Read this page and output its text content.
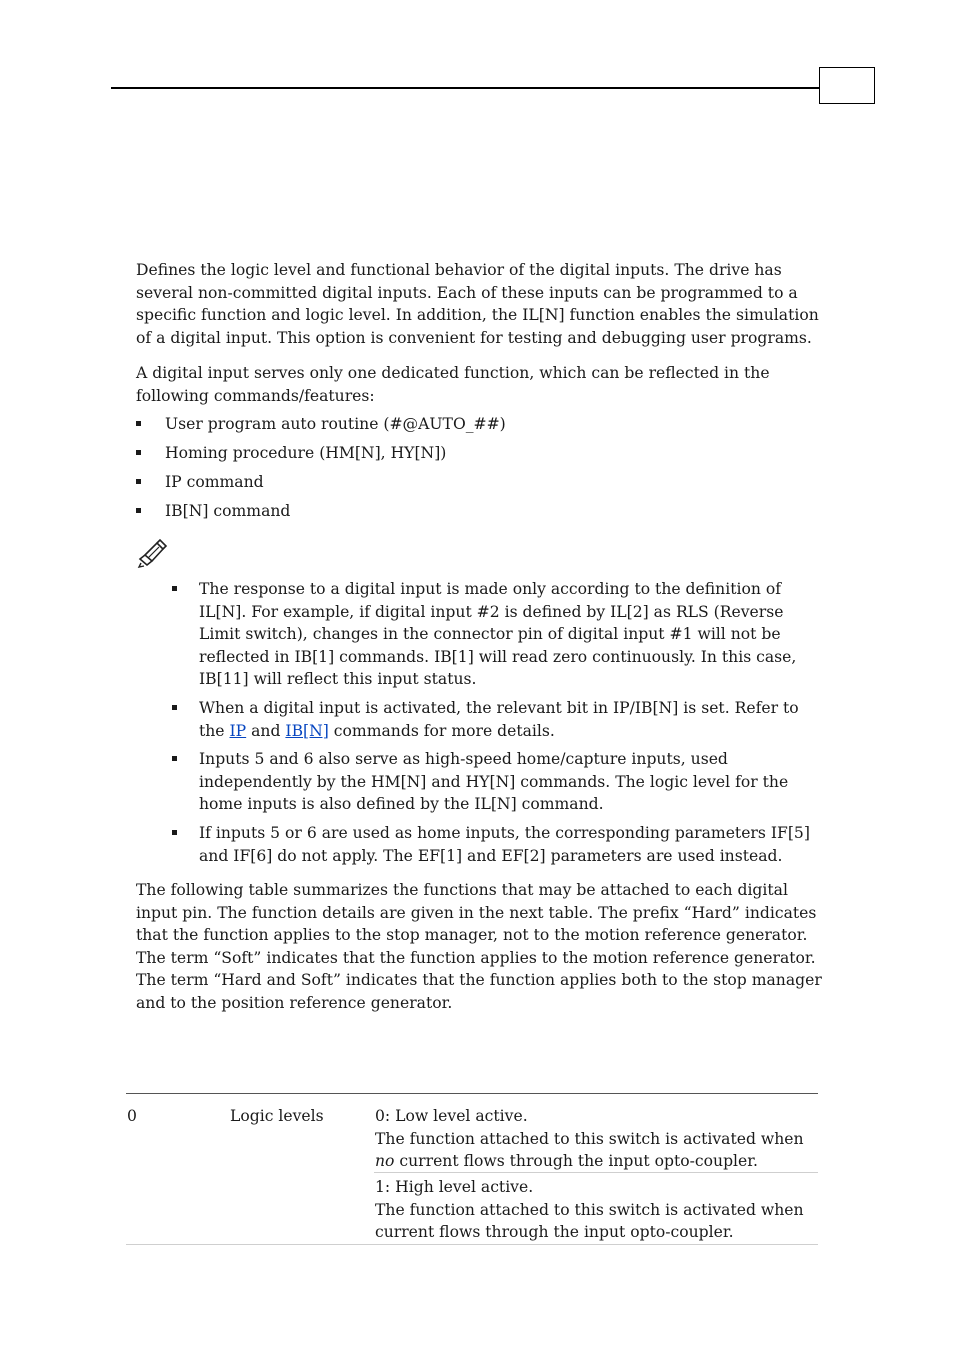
Defines the logic level and functional behavior of the digital inputs. The drive has several non-committed digital inputs. Each of these inputs can be programmed to a specific function and logic level. In addition, the IL[N] function enables the simulation of a digital input. This option is convenient for testing and debugging user programs.

A digital input serves only one dedicated function, which can be reflected in the following commands/features:

User program auto routine (#@AUTO_##)
Homing procedure (HM[N], HY[N])
IP command
IB[N] command
The response to a digital input is made only according to the definition of IL[N]. For example, if digital input #2 is defined by IL[2] as RLS (Reverse Limit switch), changes in the connector pin of digital input #1 will not be reflected in IB[1] commands. IB[1] will read zero continuously. In this case, IB[11] will reflect this input status.
When a digital input is activated, the relevant bit in IP/IB[N] is set. Refer to the IP and IB[N] commands for more details.
Inputs 5 and 6 also serve as high-speed home/capture inputs, used independently by the HM[N] and HY[N] commands. The logic level for the home inputs is also defined by the IL[N] command.
If inputs 5 or 6 are used as home inputs, the corresponding parameters IF[5] and IF[6] do not apply. The EF[1] and EF[2] parameters are used instead.

The following table summarizes the functions that may be attached to each digital input pin. The function details are given in the next table. The prefix “Hard” indicates that the function applies to the stop manager, not to the motion reference generator. The term “Soft” indicates that the function applies to the motion reference generator. The term “Hard and Soft” indicates that the function applies both to the stop manager and to the position reference generator.

0	Logic levels	0: Low level active.
The function attached to this switch is activated when
no current flows through the input opto-coupler.
1: High level active.
The function attached to this switch is activated when current flows through the input opto-coupler.
